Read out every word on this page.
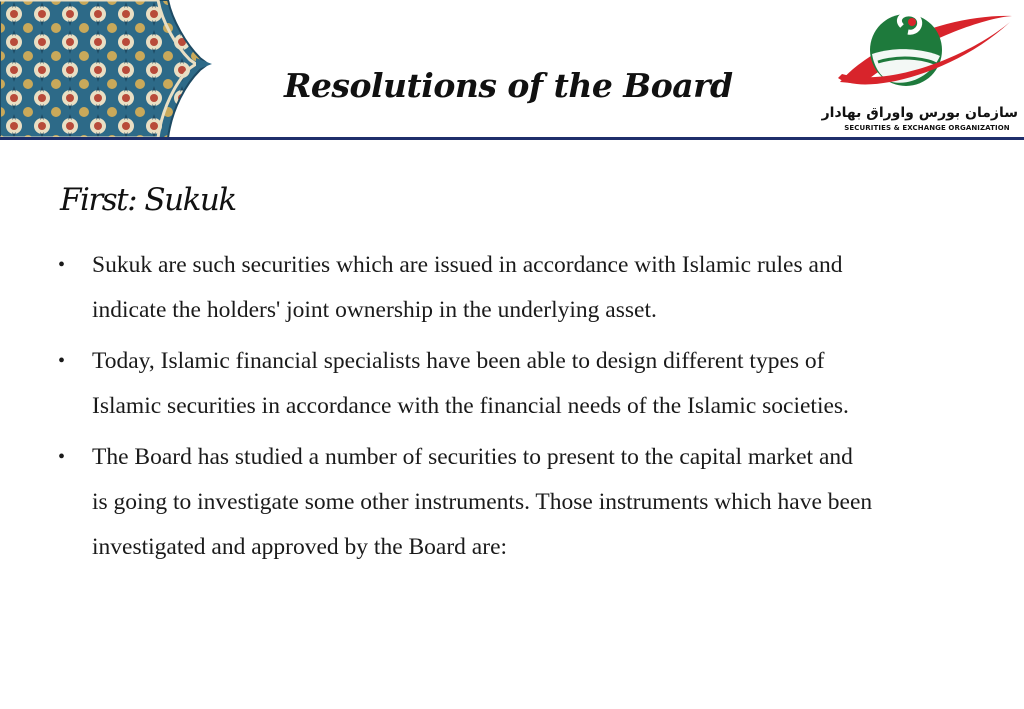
Resolutions of the Board
سازمان بورس واوراق بهادار
SECURITIES & EXCHANGE ORGANIZATION
First: Sukuk
• Sukuk are such securities which are issued in accordance with Islamic rules and
indicate the holders' joint ownership in the underlying asset.
• Today, Islamic financial specialists have been able to design different types of
Islamic securities in accordance with the financial needs of the Islamic societies.
• The Board has studied a number of securities to present to the capital market and
is going to investigate some other instruments. Those instruments which have been
investigated and approved by the Board are:
